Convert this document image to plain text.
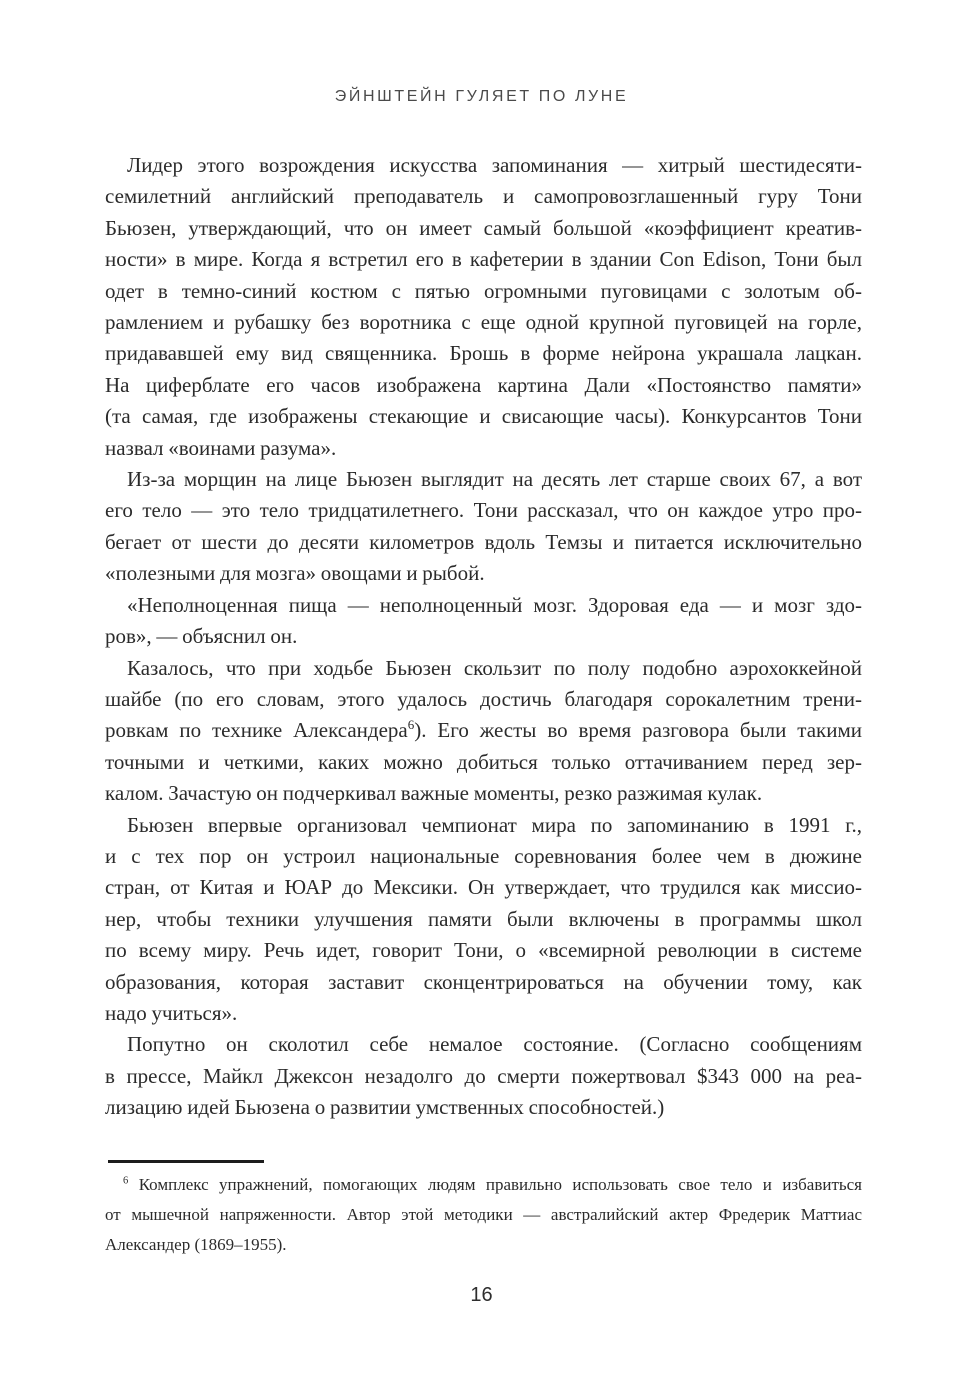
ЭЙНШТЕЙН ГУЛЯЕТ ПО ЛУНЕ
Лидер этого возрождения искусства запоминания — хитрый шестидесяти-
семилетний английский преподаватель и самопровозглашенный гуру Тони
Бьюзен, утверждающий, что он имеет самый большой «коэффициент креатив-
ности» в мире. Когда я встретил его в кафетерии в здании Con Edison, Тони был
одет в темно-синий костюм с пятью огромными пуговицами с золотым об-
рамлением и рубашку без воротника с еще одной крупной пуговицей на горле,
придававшей ему вид священника. Брошь в форме нейрона украшала лацкан.
На циферблате его часов изображена картина Дали «Постоянство памяти»
(та самая, где изображены стекающие и свисающие часы). Конкурсантов Тони
назвал «воинами разума».
Из-за морщин на лице Бьюзен выглядит на десять лет старше своих 67, а вот
его тело — это тело тридцатилетнего. Тони рассказал, что он каждое утро про-
бегает от шести до десяти километров вдоль Темзы и питается исключительно
«полезными для мозга» овощами и рыбой.
«Неполноценная пища — неполноценный мозг. Здоровая еда — и мозг здо-
ров», — объяснил он.
Казалось, что при ходьбе Бьюзен скользит по полу подобно аэрохоккейной
шайбе (по его словам, этого удалось достичь благодаря сорокалетним трени-
ровкам по технике Александера$^6$). Его жесты во время разговора были такими
точными и четкими, каких можно добиться только оттачиванием перед зер-
калом. Зачастую он подчеркивал важные моменты, резко разжимая кулак.
Бьюзен впервые организовал чемпионат мира по запоминанию в 1991 г.,
и с тех пор он устроил национальные соревнования более чем в дюжине
стран, от Китая и ЮАР до Мексики. Он утверждает, что трудился как миссио-
нер, чтобы техники улучшения памяти были включены в программы школ
по всему миру. Речь идет, говорит Тони, о «всемирной революции в системе
образования, которая заставит сконцентрироваться на обучении тому, как
надо учиться».
Попутно он сколотил себе немалое состояние. (Согласно сообщениям
в прессе, Майкл Джексон незадолго до смерти пожертвовал $343 000 на реа-
лизацию идей Бьюзена о развитии умственных способностей.)
$^6$ Комплекс упражнений, помогающих людям правильно использовать свое тело и избавиться
от мышечной напряженности. Автор этой методики — австралийский актер Фредерик Маттиас
Александер (1869–1955).
16
